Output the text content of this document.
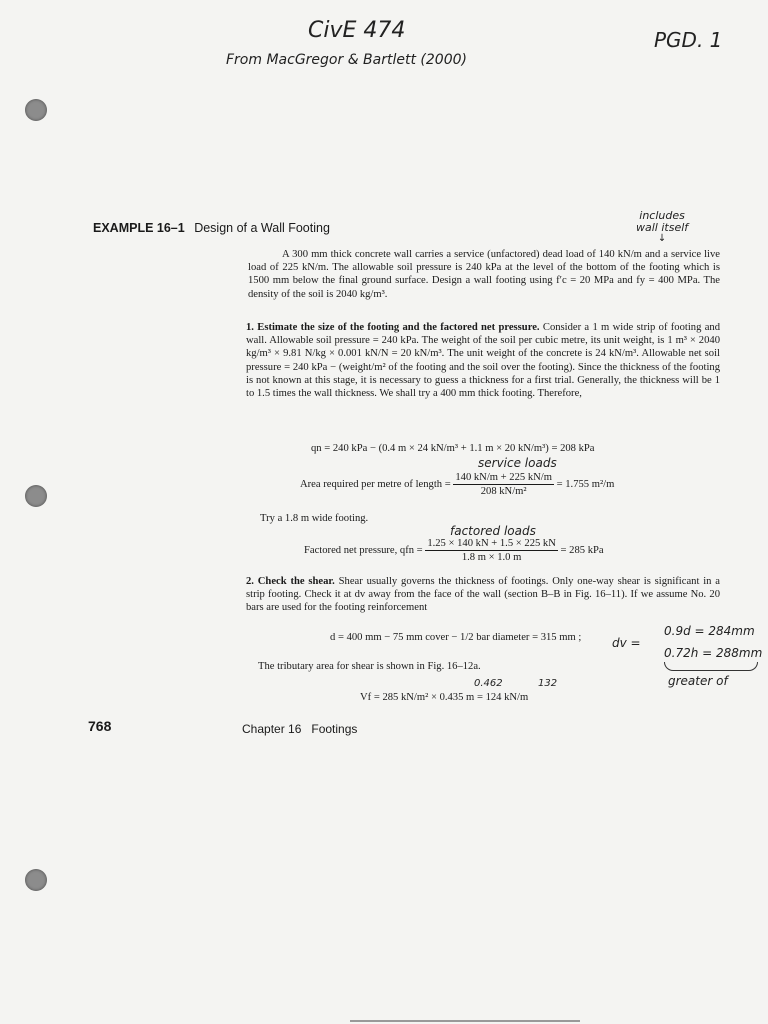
CivE 474
From MacGregor & Bartlett (2000)
PGD. 1
EXAMPLE 16–1 Design of a Wall Footing
includes
wall itself
↓
A 300 mm thick concrete wall carries a service (unfactored) dead load of 140 kN/m and a service live load of 225 kN/m. The allowable soil pressure is 240 kPa at the level of the bottom of the footing which is 1500 mm below the final ground surface. Design a wall footing using f′c = 20 MPa and fy = 400 MPa. The density of the soil is 2040 kg/m³.
1. Estimate the size of the footing and the factored net pressure. Consider a 1 m wide strip of footing and wall. Allowable soil pressure = 240 kPa. The weight of the soil per cubic metre, its unit weight, is 1 m³ × 2040 kg/m³ × 9.81 N/kg × 0.001 kN/N = 20 kN/m³. The unit weight of the concrete is 24 kN/m³. Allowable net soil pressure = 240 kPa − (weight/m² of the footing and the soil over the footing). Since the thickness of the footing is not known at this stage, it is necessary to guess a thickness for a first trial. Generally, the thickness will be 1 to 1.5 times the wall thickness. We shall try a 400 mm thick footing. Therefore,
qn = 240 kPa − (0.4 m × 24 kN/m³ + 1.1 m × 20 kN/m³) = 208 kPa
service loads
Area required per metre of length = $\frac{140 kN/m + 225 kN/m}{\text{208 kN/m²}} = 1.755$ m²/m
Try a 1.8 m wide footing.
factored loads
Factored net pressure, qfn = $\frac{1.25 \times 140 kN + 1.5 \times 225 kN}{1.8 m \times 1.0 m} = 285$ kPa
2. Check the shear. Shear usually governs the thickness of footings. Only one-way shear is significant in a strip footing. Check it at dv away from the face of the wall (section B–B in Fig. 16–11). If we assume No. 20 bars are used for the footing reinforcement
d = 400 mm − 75 mm cover − 1/2 bar diameter = 315 mm ;	dv =
0.9d = 284mm
0.72h = 288mm
greater of
The tributary area for shear is shown in Fig. 16–12a.
0.462	132
Vf = 285 kN/m² × 0.435 m = 124 kN/m
768	Chapter 16   Footings
